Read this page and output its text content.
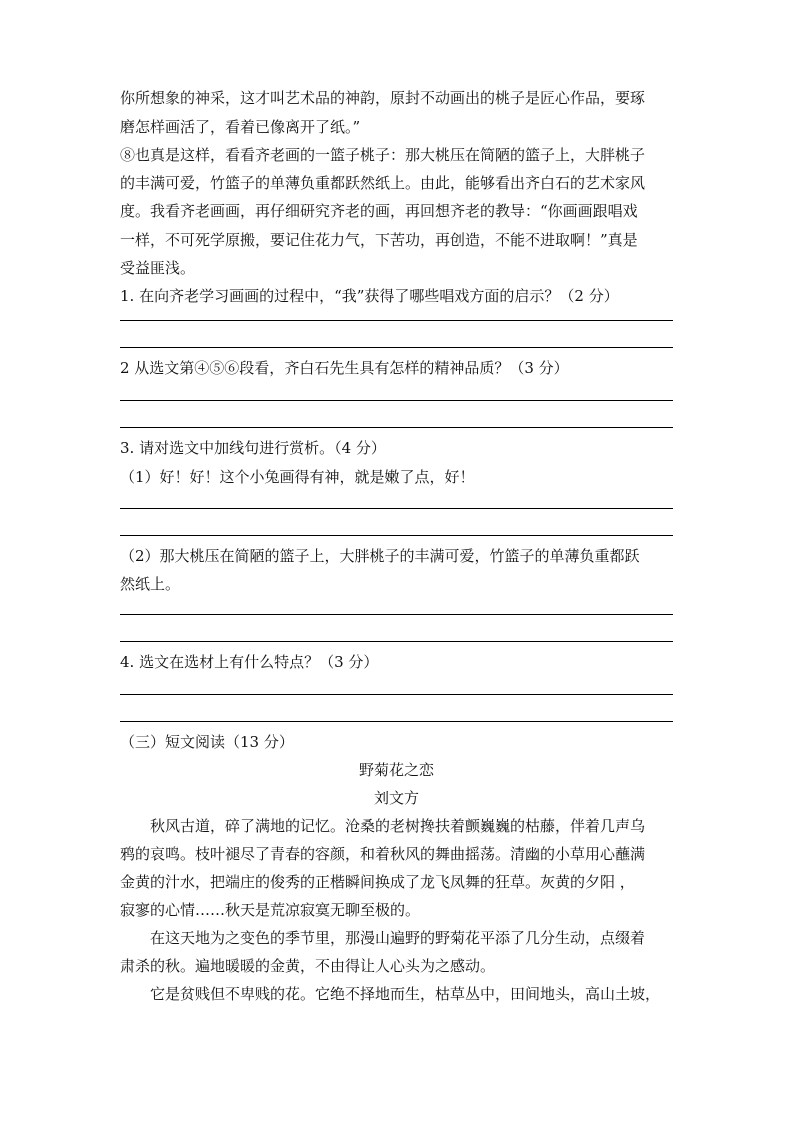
你所想象的神采，这才叫艺术品的神韵，原封不动画出的桃子是匠心作品，要琢
磨怎样画活了，看着已像离开了纸。”
⑧也真是这样，看看齐老画的一篮子桃子：那大桃压在简陋的篮子上，大胖桃子
的丰满可爱，竹篮子的单薄负重都跃然纸上。由此，能够看出齐白石的艺术家风
度。我看齐老画画，再仔细研究齐老的画，再回想齐老的教导：“你画画跟唱戏
一样，不可死学原搬，要记住花力气，下苦功，再创造，不能不进取啊！”真是
受益匪浅。
1. 在向齐老学习画画的过程中，“我”获得了哪些唱戏方面的启示？（2 分）
2 从选文第④⑤⑥段看，齐白石先生具有怎样的精神品质？（3 分）
3. 请对选文中加线句进行赏析。（4 分）
（1）好！好！这个小兔画得有神，就是嫩了点，好！
（2）那大桃压在简陋的篮子上，大胖桃子的丰满可爱，竹篮子的单薄负重都跃
然纸上。
4. 选文在选材上有什么特点？（3 分）
（三）短文阅读（13 分）
野菊花之恋
刘文方
秋风古道，碎了满地的记忆。沧桑的老树搀扶着颤巍巍的枯藤，伴着几声乌
鸦的哀鸣。枝叶褪尽了青春的容颜，和着秋风的舞曲摇荡。清幽的小草用心蘸满
金黄的汁水，把端庄的俊秀的正楷瞬间换成了龙飞凤舞的狂草。灰黄的夕阳 ，
寂寥的心情……秋天是荒凉寂寞无聊至极的。
在这天地为之变色的季节里，那漫山遍野的野菊花平添了几分生动，点缀着
肃杀的秋。遍地暖暖的金黄，不由得让人心头为之感动。
它是贫贱但不卑贱的花。它绝不择地而生，枯草丛中，田间地头，高山土坡，
